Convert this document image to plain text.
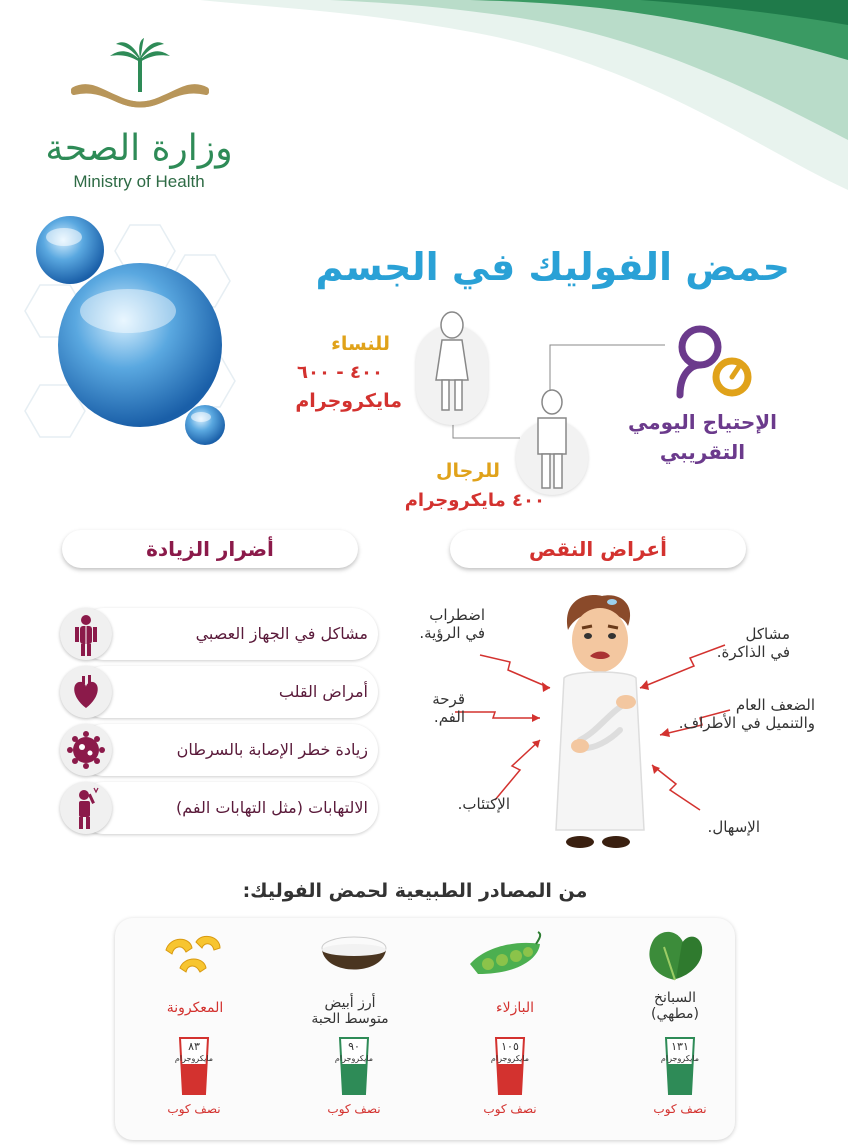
وزارة الصحة
Ministry of Health
حمض الفوليك في الجسم
الإحتياج اليومي
التقريبي
للنساء
٤٠٠ - ٦٠٠
مايكروجرام
للرجال
٤٠٠ مايكروجرام
أضرار الزيادة	أعراض النقص
مشاكل في الجهاز العصبي
أمراض القلب
زيادة خطر الإصابة بالسرطان
الالتهابات (مثل التهابات الفم)
اضطراب
في الرؤية.	مشاكل
في الذاكرة.
قرحة
الفم.
الضعف العام
والتنميل في الأطراف.
الإكتئاب.
الإسهال.
من المصادر الطبيعية لحمض الفوليك:
السبانخ
(مطهي)
البازلاء
أرز أبيض
متوسط الحبة
المعكرونة
١٣١
مايكروجرام
١٠٥
مايكروجرام
٩٠
مايكروجرام
٨٣
مايكروجرام
نصف كوب
نصف كوب
نصف كوب
نصف كوب
